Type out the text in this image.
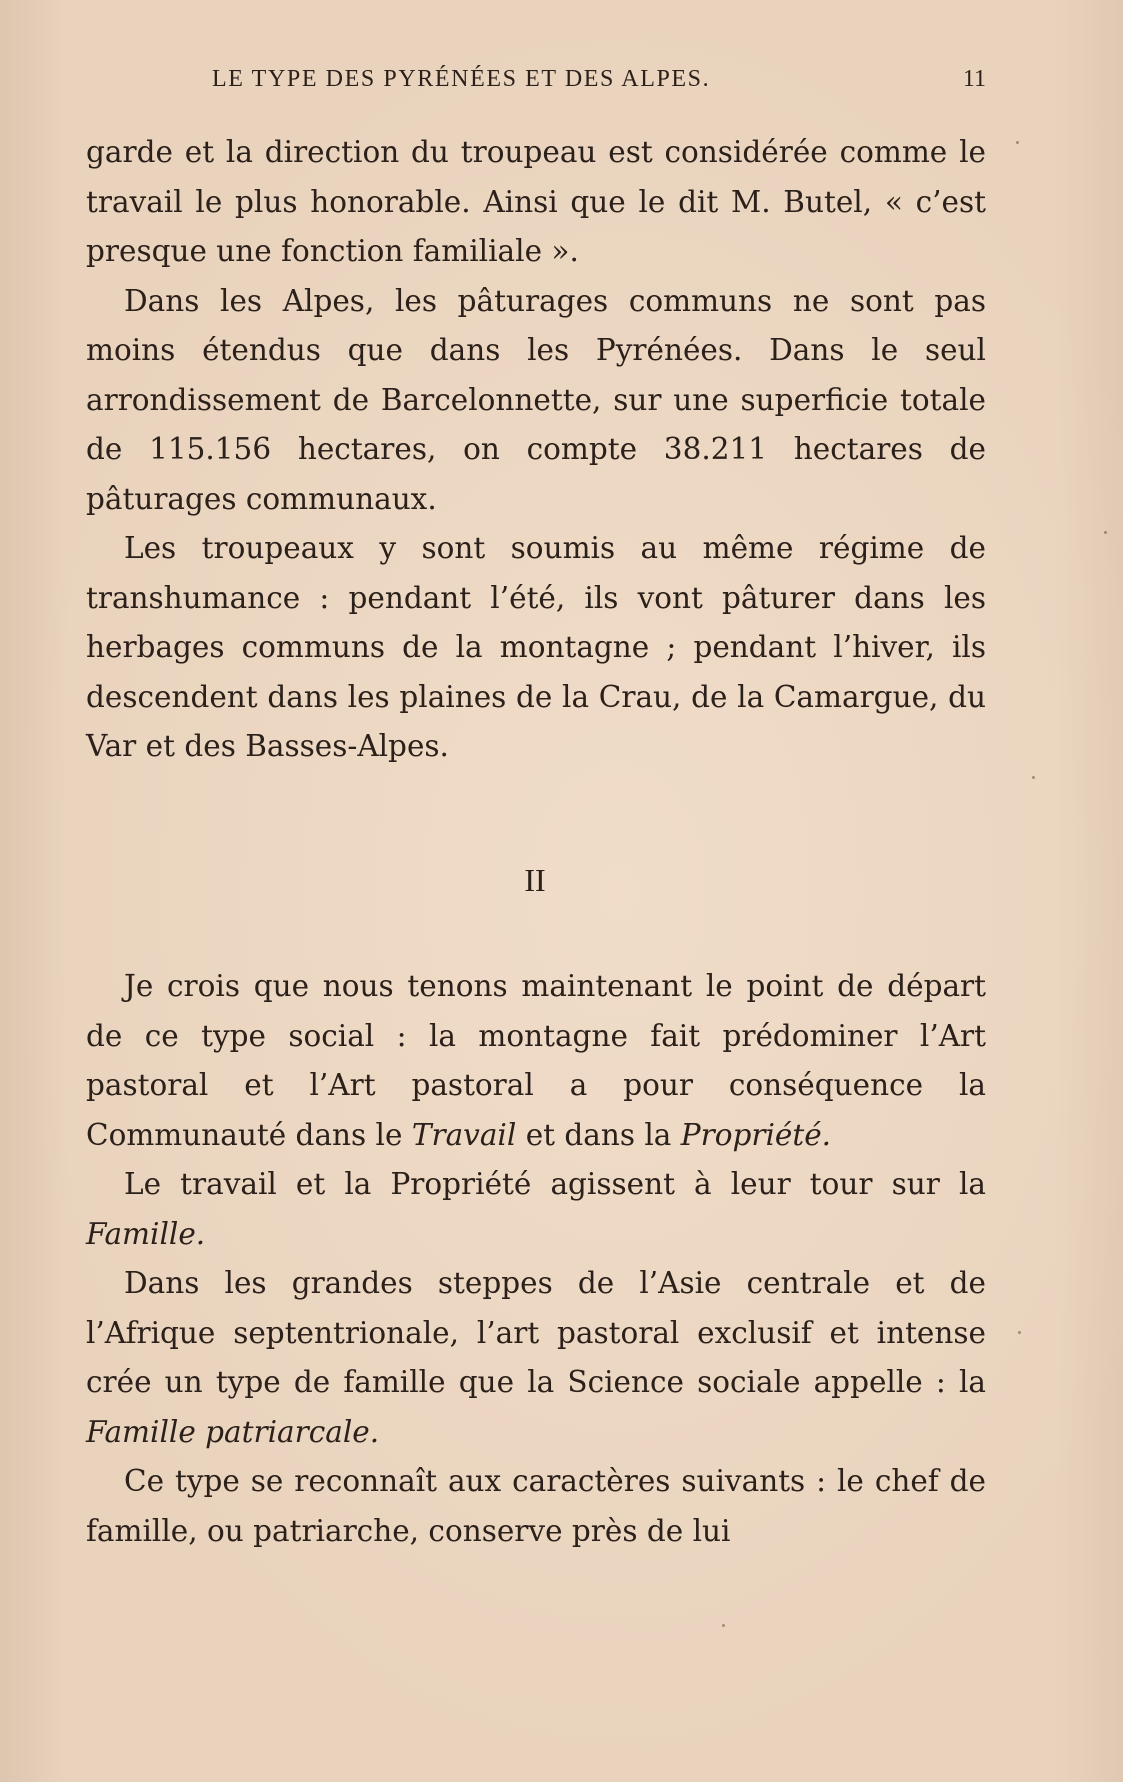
LE TYPE DES PYRÉNÉES ET DES ALPES.	11

garde et la direction du troupeau est considérée comme le travail le plus honorable. Ainsi que le dit M. Butel, « c’est presque une fonction familiale ».

Dans les Alpes, les pâturages communs ne sont pas moins étendus que dans les Pyrénées. Dans le seul arrondissement de Barcelonnette, sur une superficie totale de 115.156 hectares, on compte 38.211 hectares de pâturages communaux.

Les troupeaux y sont soumis au même régime de transhumance : pendant l’été, ils vont pâturer dans les herbages communs de la montagne ; pendant l’hiver, ils descendent dans les plaines de la Crau, de la Camargue, du Var et des Basses-Alpes.

II

Je crois que nous tenons maintenant le point de départ de ce type social : la montagne fait prédominer l’Art pastoral et l’Art pastoral a pour conséquence la Communauté dans le Travail et dans la Propriété.

Le travail et la Propriété agissent à leur tour sur la Famille.

Dans les grandes steppes de l’Asie centrale et de l’Afrique septentrionale, l’art pastoral exclusif et intense crée un type de famille que la Science sociale appelle : la Famille patriarcale.

Ce type se reconnaît aux caractères suivants : le chef de famille, ou patriarche, conserve près de lui
